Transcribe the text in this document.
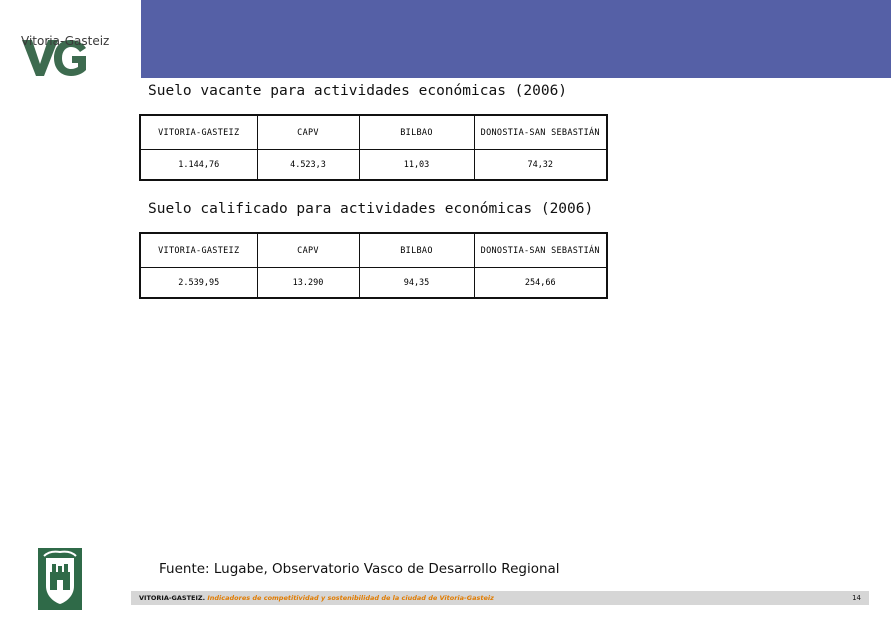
Vitoria-Gasteiz
Suelo vacante para actividades económicas (2006)
VITORIA-GASTEIZ	CAPV	BILBAO	DONOSTIA-SAN SEBASTIÁN
1.144,76	4.523,3	11,03	74,32
Suelo calificado para actividades económicas (2006)
VITORIA-GASTEIZ	CAPV	BILBAO	DONOSTIA-SAN SEBASTIÁN
2.539,95	13.290	94,35	254,66
Fuente: Lugabe, Observatorio Vasco de Desarrollo Regional
VITORIA-GASTEIZ. Indicadores de competitividad y sostenibilidad de la ciudad de Vitoria-Gasteiz	14
